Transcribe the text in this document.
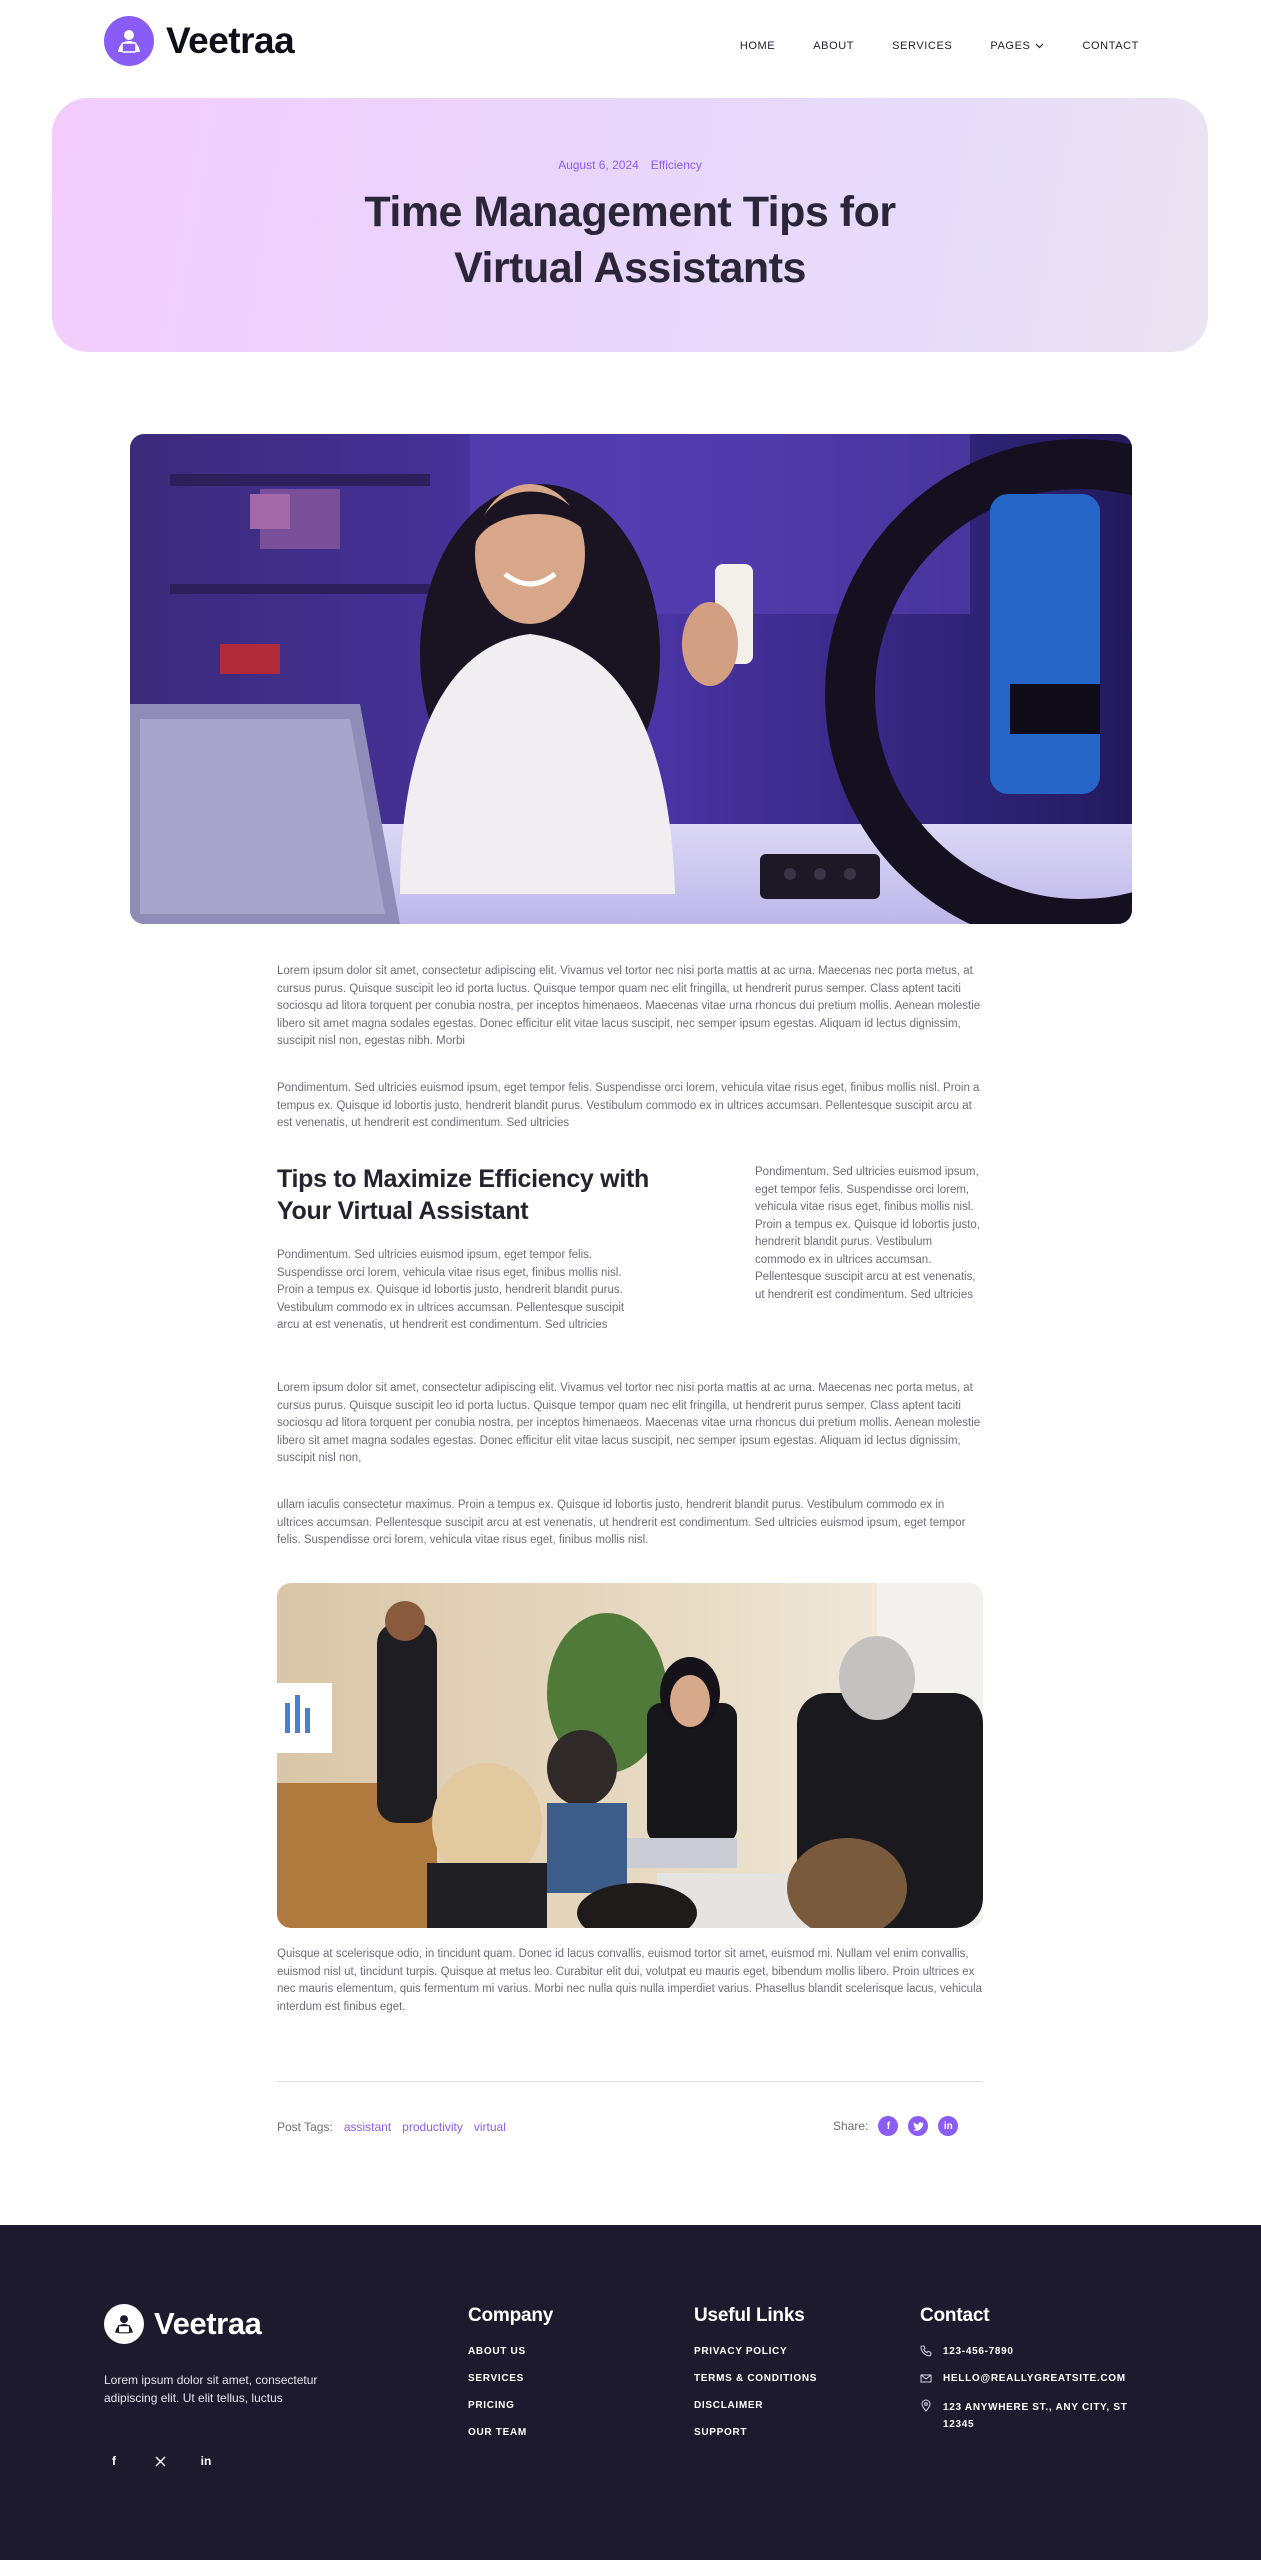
Veetraa	HOME	ABOUT	SERVICES	PAGES	CONTACT
August 6, 2024 Efficiency
Time Management Tips for Virtual Assistants

Lorem ipsum dolor sit amet, consectetur adipiscing elit. Vivamus vel tortor nec nisi porta mattis at ac urna. Maecenas nec porta metus, at cursus purus. Quisque suscipit leo id porta luctus. Quisque tempor quam nec elit fringilla, ut hendrerit purus semper. Class aptent taciti sociosqu ad litora torquent per conubia nostra, per inceptos himenaeos. Maecenas vitae urna rhoncus dui pretium mollis. Aenean molestie libero sit amet magna sodales egestas. Donec efficitur elit vitae lacus suscipit, nec semper ipsum egestas. Aliquam id lectus dignissim, suscipit nisl non, egestas nibh. Morbi

Pondimentum. Sed ultricies euismod ipsum, eget tempor felis. Suspendisse orci lorem, vehicula vitae risus eget, finibus mollis nisl. Proin a tempus ex. Quisque id lobortis justo, hendrerit blandit purus. Vestibulum commodo ex in ultrices accumsan. Pellentesque suscipit arcu at est venenatis, ut hendrerit est condimentum. Sed ultricies

Tips to Maximize Efficiency with Your Virtual Assistant

Pondimentum. Sed ultricies euismod ipsum, eget tempor felis. Suspendisse orci lorem, vehicula vitae risus eget, finibus mollis nisl. Proin a tempus ex. Quisque id lobortis justo, hendrerit blandit purus. Vestibulum commodo ex in ultrices accumsan. Pellentesque suscipit arcu at est venenatis, ut hendrerit est condimentum. Sed ultricies

Pondimentum. Sed ultricies euismod ipsum, eget tempor felis. Suspendisse orci lorem, vehicula vitae risus eget, finibus mollis nisl. Proin a tempus ex. Quisque id lobortis justo, hendrerit blandit purus. Vestibulum commodo ex in ultrices accumsan. Pellentesque suscipit arcu at est venenatis, ut hendrerit est condimentum. Sed ultricies

Lorem ipsum dolor sit amet, consectetur adipiscing elit. Vivamus vel tortor nec nisi porta mattis at ac urna. Maecenas nec porta metus, at cursus purus. Quisque suscipit leo id porta luctus. Quisque tempor quam nec elit fringilla, ut hendrerit purus semper. Class aptent taciti sociosqu ad litora torquent per conubia nostra, per inceptos himenaeos. Maecenas vitae urna rhoncus dui pretium mollis. Aenean molestie libero sit amet magna sodales egestas. Donec efficitur elit vitae lacus suscipit, nec semper ipsum egestas. Aliquam id lectus dignissim, suscipit nisl non,

ullam iaculis consectetur maximus. Proin a tempus ex. Quisque id lobortis justo, hendrerit blandit purus. Vestibulum commodo ex in ultrices accumsan. Pellentesque suscipit arcu at est venenatis, ut hendrerit est condimentum. Sed ultricies euismod ipsum, eget tempor felis. Suspendisse orci lorem, vehicula vitae risus eget, finibus mollis nisl.

Quisque at scelerisque odio, in tincidunt quam. Donec id lacus convallis, euismod tortor sit amet, euismod mi. Nullam vel enim convallis, euismod nisl ut, tincidunt turpis. Quisque at metus leo. Curabitur elit dui, volutpat eu mauris eget, bibendum mollis libero. Proin ultrices ex nec mauris elementum, quis fermentum mi varius. Morbi nec nulla quis nulla imperdiet varius. Phasellus blandit scelerisque lacus, vehicula interdum est finibus eget.

Post Tags: assistant productivity virtual	Share:	f	in
Veetraa

Lorem ipsum dolor sit amet, consectetur adipiscing elit. Ut elit tellus, luctus

f	in
Company
ABOUT US
SERVICES
PRICING
OUR TEAM
Useful Links
PRIVACY POLICY
TERMS & CONDITIONS
DISCLAIMER
SUPPORT
Contact
123-456-7890
HELLO@REALLYGREATSITE.COM
123 ANYWHERE ST., ANY CITY, ST 12345
